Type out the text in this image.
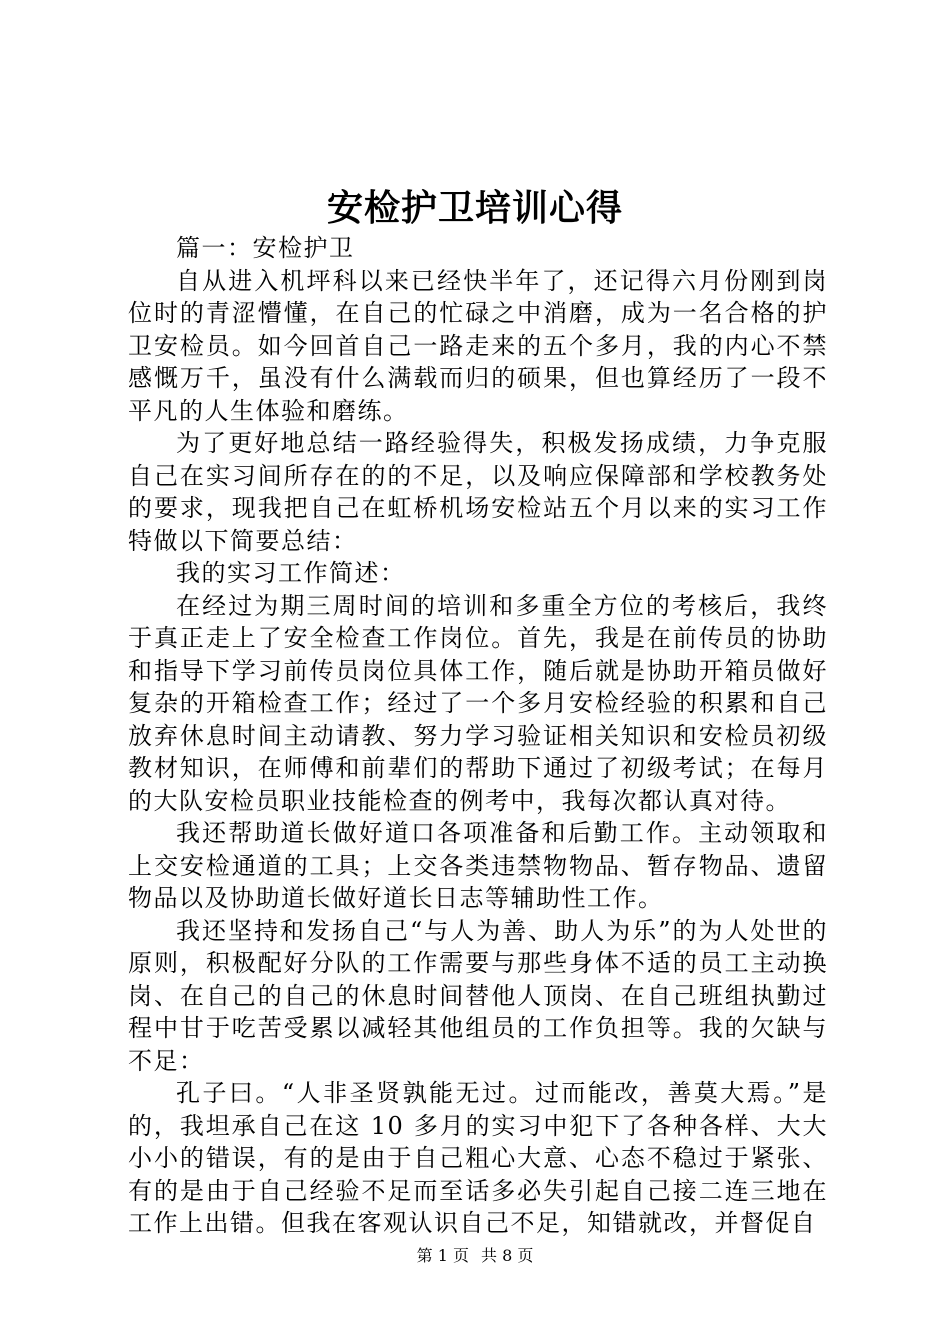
安检护卫培训心得

篇一：安检护卫

自从进入机坪科以来已经快半年了，还记得六月份刚到岗位时的青涩懵懂，在自己的忙碌之中消磨，成为一名合格的护卫安检员。如今回首自己一路走来的五个多月，我的内心不禁感慨万千，虽没有什么满载而归的硕果，但也算经历了一段不平凡的人生体验和磨练。

为了更好地总结一路经验得失，积极发扬成绩，力争克服自己在实习间所存在的的不足，以及响应保障部和学校教务处的要求，现我把自己在虹桥机场安检站五个月以来的实习工作特做以下简要总结：

我的实习工作简述：

在经过为期三周时间的培训和多重全方位的考核后，我终于真正走上了安全检查工作岗位。首先，我是在前传员的协助和指导下学习前传员岗位具体工作，随后就是协助开箱员做好复杂的开箱检查工作；经过了一个多月安检经验的积累和自己放弃休息时间主动请教、努力学习验证相关知识和安检员初级教材知识，在师傅和前辈们的帮助下通过了初级考试；在每月的大队安检员职业技能检查的例考中，我每次都认真对待。

我还帮助道长做好道口各项准备和后勤工作。主动领取和上交安检通道的工具；上交各类违禁物物品、暂存物品、遗留物品以及协助道长做好道长日志等辅助性工作。

我还坚持和发扬自己“与人为善、助人为乐”的为人处世的原则，积极配好分队的工作需要与那些身体不适的员工主动换岗、在自己的自己的休息时间替他人顶岗、在自己班组执勤过程中甘于吃苦受累以减轻其他组员的工作负担等。我的欠缺与不足：

孔子曰。“人非圣贤孰能无过。过而能改，善莫大焉。”是的，我坦承自己在这 10 多月的实习中犯下了各种各样、大大小小的错误，有的是由于自己粗心大意、心态不稳过于紧张、有的是由于自己经验不足而至话多必失引起自己接二连三地在工作上出错。但我在客观认识自己不足，知错就改，并督促自

第 1 页 共 8 页
